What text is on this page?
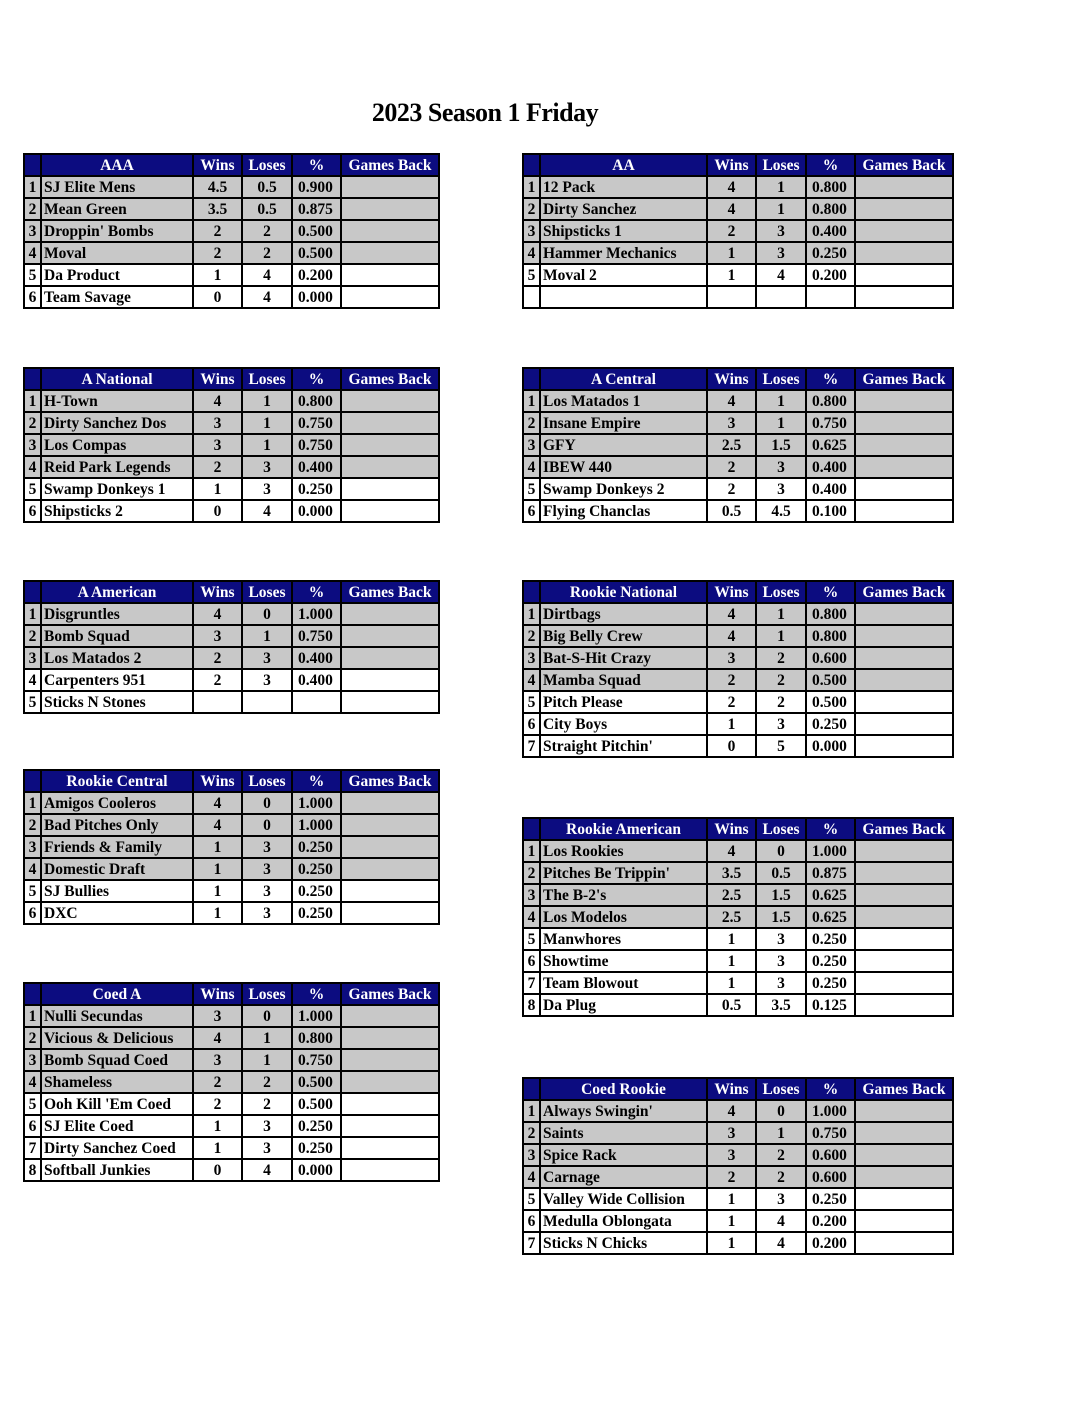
2023 Season 1 Friday
	AAA	Wins	Loses	%	Games Back
1	SJ Elite Mens	4.5	0.5	0.900	
2	Mean Green	3.5	0.5	0.875	
3	Droppin' Bombs	2	2	0.500	
4	Moval	2	2	0.500	
5	Da Product	1	4	0.200	
6	Team Savage	0	4	0.000	
	AA	Wins	Loses	%	Games Back
1	12 Pack	4	1	0.800	
2	Dirty Sanchez	4	1	0.800	
3	Shipsticks 1	2	3	0.400	
4	Hammer Mechanics	1	3	0.250	
5	Moval 2	1	4	0.200	

	A National	Wins	Loses	%	Games Back
1	H-Town	4	1	0.800	
2	Dirty Sanchez Dos	3	1	0.750	
3	Los Compas	3	1	0.750	
4	Reid Park Legends	2	3	0.400	
5	Swamp Donkeys 1	1	3	0.250	
6	Shipsticks 2	0	4	0.000	
	A Central	Wins	Loses	%	Games Back
1	Los Matados 1	4	1	0.800	
2	Insane Empire	3	1	0.750	
3	GFY	2.5	1.5	0.625	
4	IBEW 440	2	3	0.400	
5	Swamp Donkeys 2	2	3	0.400	
6	Flying Chanclas	0.5	4.5	0.100	
	A American	Wins	Loses	%	Games Back
1	Disgruntles	4	0	1.000	
2	Bomb Squad	3	1	0.750	
3	Los Matados 2	2	3	0.400	
4	Carpenters 951	2	3	0.400	
5	Sticks N Stones				
	Rookie National	Wins	Loses	%	Games Back
1	Dirtbags	4	1	0.800	
2	Big Belly Crew	4	1	0.800	
3	Bat-S-Hit Crazy	3	2	0.600	
4	Mamba Squad	2	2	0.500	
5	Pitch Please	2	2	0.500	
6	City Boys	1	3	0.250	
7	Straight Pitchin'	0	5	0.000	
	Rookie Central	Wins	Loses	%	Games Back
1	Amigos Cooleros	4	0	1.000	
2	Bad Pitches Only	4	0	1.000	
3	Friends & Family	1	3	0.250	
4	Domestic Draft	1	3	0.250	
5	SJ Bullies	1	3	0.250	
6	DXC	1	3	0.250	
	Rookie American	Wins	Loses	%	Games Back
1	Los Rookies	4	0	1.000	
2	Pitches Be Trippin'	3.5	0.5	0.875	
3	The B-2's	2.5	1.5	0.625	
4	Los Modelos	2.5	1.5	0.625	
5	Manwhores	1	3	0.250	
6	Showtime	1	3	0.250	
7	Team Blowout	1	3	0.250	
8	Da Plug	0.5	3.5	0.125	
	Coed A	Wins	Loses	%	Games Back
1	Nulli Secundas	3	0	1.000	
2	Vicious & Delicious	4	1	0.800	
3	Bomb Squad Coed	3	1	0.750	
4	Shameless	2	2	0.500	
5	Ooh Kill 'Em Coed	2	2	0.500	
6	SJ Elite Coed	1	3	0.250	
7	Dirty Sanchez Coed	1	3	0.250	
8	Softball Junkies	0	4	0.000	
	Coed Rookie	Wins	Loses	%	Games Back
1	Always Swingin'	4	0	1.000	
2	Saints	3	1	0.750	
3	Spice Rack	3	2	0.600	
4	Carnage	2	2	0.600	
5	Valley Wide Collision	1	3	0.250	
6	Medulla Oblongata	1	4	0.200	
7	Sticks N Chicks	1	4	0.200	
